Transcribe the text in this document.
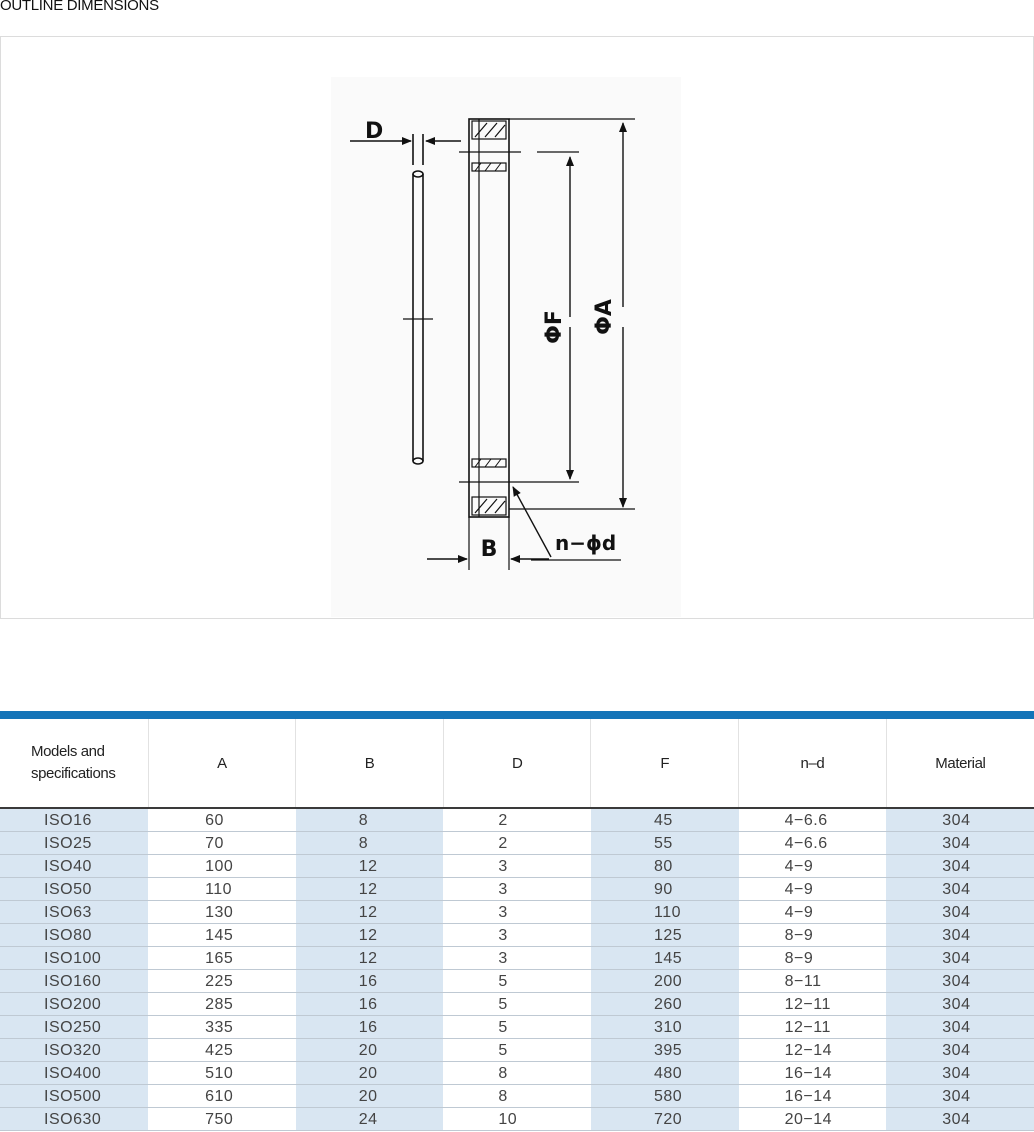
OUTLINE DIMENSIONS
D
ΦF ΦA
B	n−ϕd
Models and specifications	A	B	D	F	n–d	Material
ISO16	60	8	2	45	4−6.6	304
ISO25	70	8	2	55	4−6.6	304
ISO40	100	12	3	80	4−9	304
ISO50	110	12	3	90	4−9	304
ISO63	130	12	3	110	4−9	304
ISO80	145	12	3	125	8−9	304
ISO100	165	12	3	145	8−9	304
ISO160	225	16	5	200	8−11	304
ISO200	285	16	5	260	12−11	304
ISO250	335	16	5	310	12−11	304
ISO320	425	20	5	395	12−14	304
ISO400	510	20	8	480	16−14	304
ISO500	610	20	8	580	16−14	304
ISO630	750	24	10	720	20−14	304
